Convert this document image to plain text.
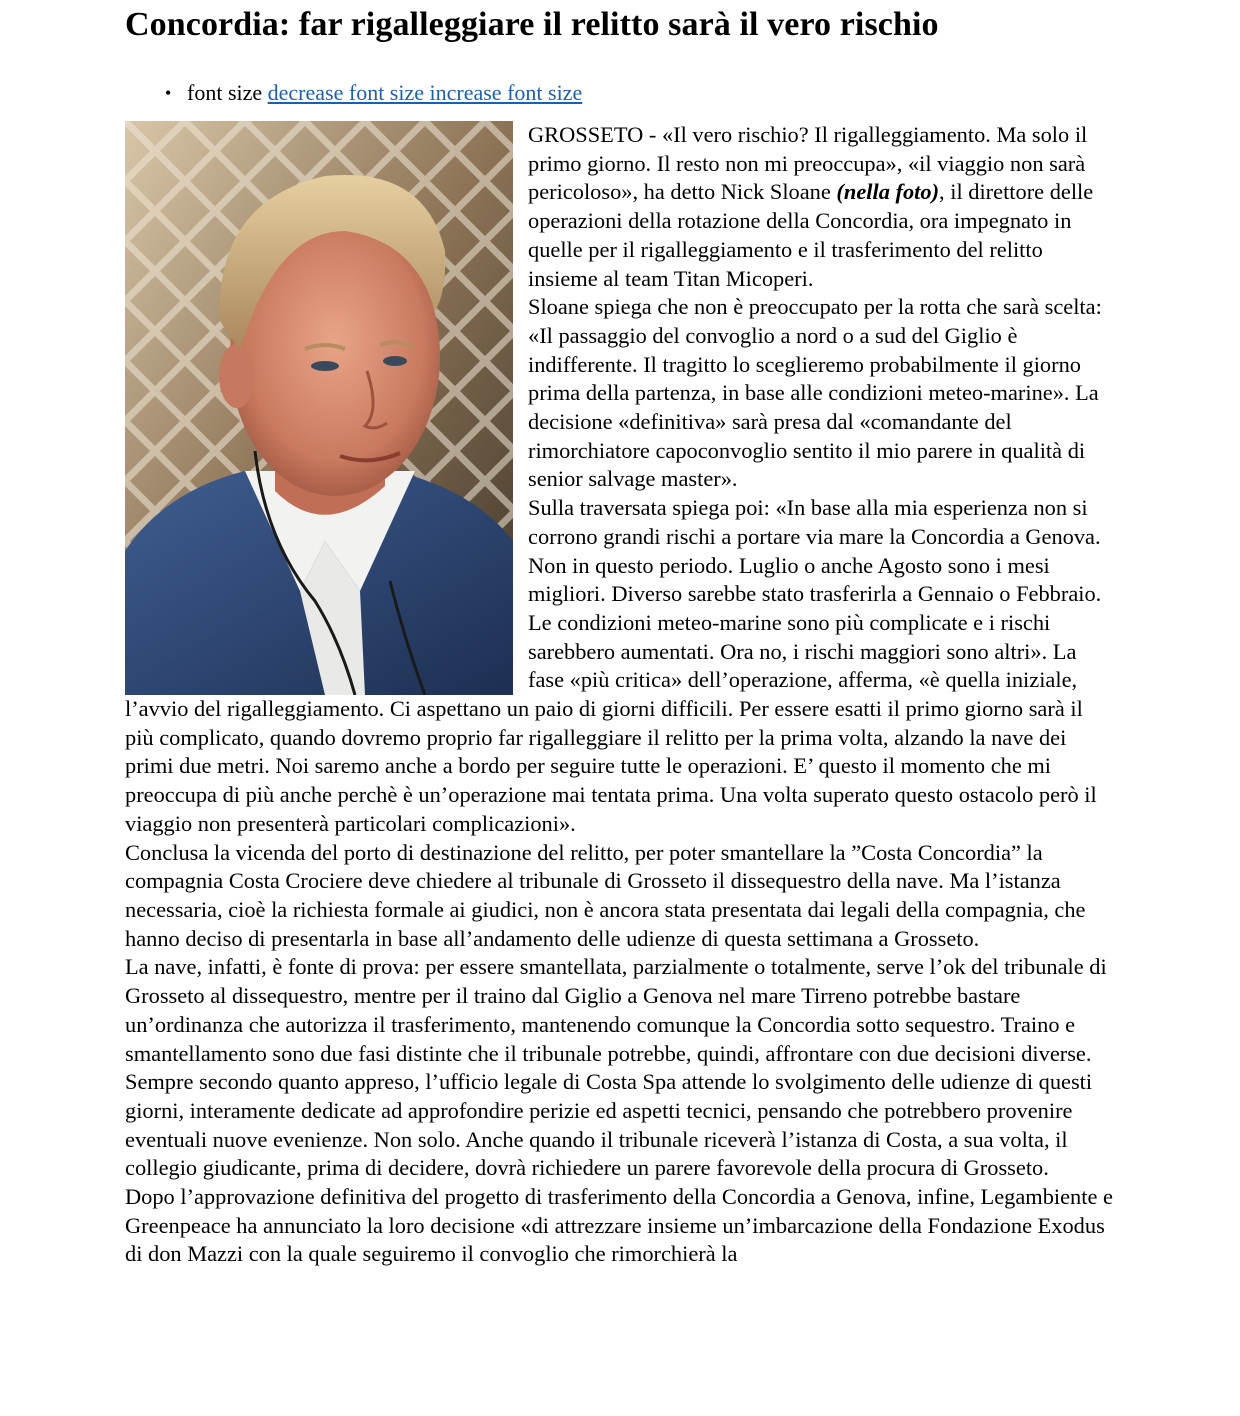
Concordia: far rigalleggiare il relitto sarà il vero rischio
• font size decrease font size increase font size

GROSSETO - «Il vero rischio? Il rigalleggiamento. Ma solo il primo giorno. Il resto non mi preoccupa», «il viaggio non sarà pericoloso», ha detto Nick Sloane (nella foto), il direttore delle operazioni della rotazione della Concordia, ora impegnato in quelle per il rigalleggiamento e il trasferimento del relitto insieme al team Titan Micoperi.

Sloane spiega che non è preoccupato per la rotta che sarà scelta: «Il passaggio del convoglio a nord o a sud del Giglio è indifferente. Il tragitto lo sceglieremo probabilmente il giorno prima della partenza, in base alle condizioni meteo-marine». La decisione «definitiva» sarà presa dal «comandante del rimorchiatore capoconvoglio sentito il mio parere in qualità di senior salvage master».

Sulla traversata spiega poi: «In base alla mia esperienza non si corrono grandi rischi a portare via mare la Concordia a Genova. Non in questo periodo. Luglio o anche Agosto sono i mesi migliori. Diverso sarebbe stato trasferirla a Gennaio o Febbraio. Le condizioni meteo-marine sono più complicate e i rischi sarebbero aumentati. Ora no, i rischi maggiori sono altri». La fase «più critica» dell’operazione, afferma, «è quella iniziale, l’avvio del rigalleggiamento. Ci aspettano un paio di giorni difficili. Per essere esatti il primo giorno sarà il più complicato, quando dovremo proprio far rigalleggiare il relitto per la prima volta, alzando la nave dei primi due metri. Noi saremo anche a bordo per seguire tutte le operazioni. E’ questo il momento che mi preoccupa di più anche perchè è un’operazione mai tentata prima. Una volta superato questo ostacolo però il viaggio non presenterà particolari complicazioni».

Conclusa la vicenda del porto di destinazione del relitto, per poter smantellare la ”Costa Concordia” la compagnia Costa Crociere deve chiedere al tribunale di Grosseto il dissequestro della nave. Ma l’istanza necessaria, cioè la richiesta formale ai giudici, non è ancora stata presentata dai legali della compagnia, che hanno deciso di presentarla in base all’andamento delle udienze di questa settimana a Grosseto.

La nave, infatti, è fonte di prova: per essere smantellata, parzialmente o totalmente, serve l’ok del tribunale di Grosseto al dissequestro, mentre per il traino dal Giglio a Genova nel mare Tirreno potrebbe bastare un’ordinanza che autorizza il trasferimento, mantenendo comunque la Concordia sotto sequestro. Traino e smantellamento sono due fasi distinte che il tribunale potrebbe, quindi, affrontare con due decisioni diverse. Sempre secondo quanto appreso, l’ufficio legale di Costa Spa attende lo svolgimento delle udienze di questi giorni, interamente dedicate ad approfondire perizie ed aspetti tecnici, pensando che potrebbero provenire eventuali nuove evenienze. Non solo. Anche quando il tribunale riceverà l’istanza di Costa, a sua volta, il collegio giudicante, prima di decidere, dovrà richiedere un parere favorevole della procura di Grosseto.

Dopo l’approvazione definitiva del progetto di trasferimento della Concordia a Genova, infine, Legambiente e Greenpeace ha annunciato la loro decisione «di attrezzare insieme un’imbarcazione della Fondazione Exodus di don Mazzi con la quale seguiremo il convoglio che rimorchierà la
